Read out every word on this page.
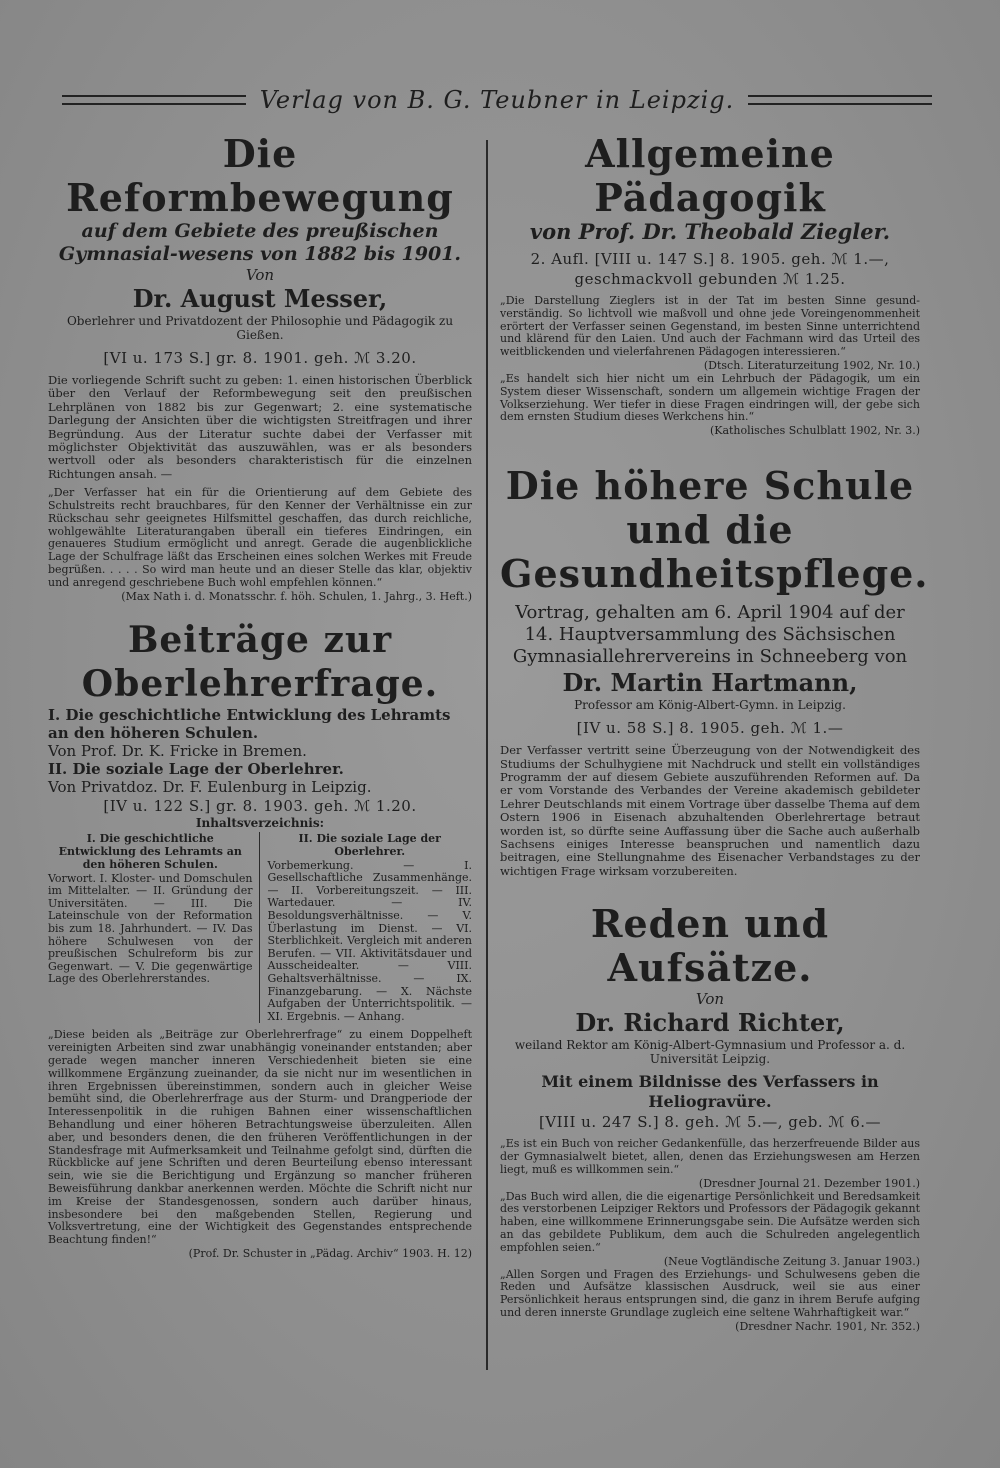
Verlag von B. G. Teubner in Leipzig.

Die Reformbewegung

auf dem Gebiete des preußischen Gymnasial-wesens von 1882 bis 1901.

Von

Dr. August Messer,

Oberlehrer und Privatdozent der Philosophie und Pädagogik zu Gießen.

[VI u. 173 S.] gr. 8. 1901. geh. ℳ 3.20.

Die vorliegende Schrift sucht zu geben: 1. einen historischen Überblick über den Verlauf der Reformbewegung seit den preußischen Lehrplänen von 1882 bis zur Gegenwart; 2. eine systematische Darlegung der Ansichten über die wichtigsten Streitfragen und ihrer Begründung. Aus der Literatur suchte dabei der Verfasser mit möglichster Objektivität das auszuwählen, was er als besonders wertvoll oder als besonders charakteristisch für die einzelnen Richtungen ansah. —

„Der Verfasser hat ein für die Orientierung auf dem Gebiete des Schulstreits recht brauchbares, für den Kenner der Verhältnisse ein zur Rückschau sehr geeignetes Hilfsmittel geschaffen, das durch reichliche, wohlgewählte Literaturangaben überall ein tieferes Eindringen, ein genaueres Studium ermöglicht und anregt. Gerade die augenblickliche Lage der Schulfrage läßt das Erscheinen eines solchen Werkes mit Freude begrüßen. . . . . So wird man heute und an dieser Stelle das klar, objektiv und anregend geschriebene Buch wohl empfehlen können.“

(Max Nath i. d. Monatsschr. f. höh. Schulen, 1. Jahrg., 3. Heft.)

Beiträge zur Oberlehrerfrage.

I. Die geschichtliche Entwicklung des Lehramts an den höheren Schulen.

Von Prof. Dr. K. Fricke in Bremen.

II. Die soziale Lage der Oberlehrer.

Von Privatdoz. Dr. F. Eulenburg in Leipzig.

[IV u. 122 S.] gr. 8. 1903. geh. ℳ 1.20.

Inhaltsverzeichnis:

I. Die geschichtliche Entwicklung des Lehramts an den höheren Schulen.

Vorwort. I. Kloster- und Domschulen im Mittelalter. — II. Gründung der Universitäten. — III. Die Lateinschule von der Reformation bis zum 18. Jahrhundert. — IV. Das höhere Schulwesen von der preußischen Schulreform bis zur Gegenwart. — V. Die gegenwärtige Lage des Oberlehrerstandes.

II. Die soziale Lage der Oberlehrer.

Vorbemerkung. — I. Gesellschaftliche Zusammenhänge. — II. Vorbereitungszeit. — III. Wartedauer. — IV. Besoldungsverhältnisse. — V. Überlastung im Dienst. — VI. Sterblichkeit. Vergleich mit anderen Berufen. — VII. Aktivitätsdauer und Ausscheidealter. — VIII. Gehaltsverhältnisse. — IX. Finanzgebarung. — X. Nächste Aufgaben der Unterrichtspolitik. — XI. Ergebnis. — Anhang.

„Diese beiden als „Beiträge zur Oberlehrerfrage“ zu einem Doppelheft vereinigten Arbeiten sind zwar unabhängig voneinander entstanden; aber gerade wegen mancher inneren Verschiedenheit bieten sie eine willkommene Ergänzung zueinander, da sie nicht nur im wesentlichen in ihren Ergebnissen übereinstimmen, sondern auch in gleicher Weise bemüht sind, die Oberlehrerfrage aus der Sturm- und Drangperiode der Interessenpolitik in die ruhigen Bahnen einer wissenschaftlichen Behandlung und einer höheren Betrachtungsweise überzuleiten. Allen aber, und besonders denen, die den früheren Veröffentlichungen in der Standesfrage mit Aufmerksamkeit und Teilnahme gefolgt sind, dürften die Rückblicke auf jene Schriften und deren Beurteilung ebenso interessant sein, wie sie die Berichtigung und Ergänzung so mancher früheren Beweisführung dankbar anerkennen werden. Möchte die Schrift nicht nur im Kreise der Standesgenossen, sondern auch darüber hinaus, insbesondere bei den maßgebenden Stellen, Regierung und Volksvertretung, eine der Wichtigkeit des Gegenstandes entsprechende Beachtung finden!“

(Prof. Dr. Schuster in „Pädag. Archiv“ 1903. H. 12)

Allgemeine Pädagogik

von Prof. Dr. Theobald Ziegler.

2. Aufl. [VIII u. 147 S.] 8. 1905. geh. ℳ 1.—, geschmackvoll gebunden ℳ 1.25.

„Die Darstellung Zieglers ist in der Tat im besten Sinne gesund-verständig. So lichtvoll wie maßvoll und ohne jede Voreingenommenheit erörtert der Verfasser seinen Gegenstand, im besten Sinne unterrichtend und klärend für den Laien. Und auch der Fachmann wird das Urteil des weitblickenden und vielerfahrenen Pädagogen interessieren.“

(Dtsch. Literaturzeitung 1902, Nr. 10.)

„Es handelt sich hier nicht um ein Lehrbuch der Pädagogik, um ein System dieser Wissenschaft, sondern um allgemein wichtige Fragen der Volkserziehung. Wer tiefer in diese Fragen eindringen will, der gebe sich dem ernsten Studium dieses Werkchens hin.“

(Katholisches Schulblatt 1902, Nr. 3.)

Die höhere Schule

und die Gesundheitspflege.

Vortrag, gehalten am 6. April 1904 auf der 14. Hauptversammlung des Sächsischen Gymnasiallehrervereins in Schneeberg von

Dr. Martin Hartmann,

Professor am König-Albert-Gymn. in Leipzig.

[IV u. 58 S.] 8. 1905. geh. ℳ 1.—

Der Verfasser vertritt seine Überzeugung von der Notwendigkeit des Studiums der Schulhygiene mit Nachdruck und stellt ein vollständiges Programm der auf diesem Gebiete auszuführenden Reformen auf. Da er vom Vorstande des Verbandes der Vereine akademisch gebildeter Lehrer Deutschlands mit einem Vortrage über dasselbe Thema auf dem Ostern 1906 in Eisenach abzuhaltenden Oberlehrertage betraut worden ist, so dürfte seine Auffassung über die Sache auch außerhalb Sachsens einiges Interesse beanspruchen und namentlich dazu beitragen, eine Stellungnahme des Eisenacher Verbandstages zu der wichtigen Frage wirksam vorzubereiten.

Reden und Aufsätze.

Von

Dr. Richard Richter,

weiland Rektor am König-Albert-Gymnasium und Professor a. d. Universität Leipzig.

Mit einem Bildnisse des Verfassers in Heliogravüre.

[VIII u. 247 S.] 8. geh. ℳ 5.—, geb. ℳ 6.—

„Es ist ein Buch von reicher Gedankenfülle, das herzerfreuende Bilder aus der Gymnasialwelt bietet, allen, denen das Erziehungswesen am Herzen liegt, muß es willkommen sein.“

(Dresdner Journal 21. Dezember 1901.)

„Das Buch wird allen, die die eigenartige Persönlichkeit und Beredsamkeit des verstorbenen Leipziger Rektors und Professors der Pädagogik gekannt haben, eine willkommene Erinnerungsgabe sein. Die Aufsätze werden sich an das gebildete Publikum, dem auch die Schulreden angelegentlich empfohlen seien.“

(Neue Vogtländische Zeitung 3. Januar 1903.)

„Allen Sorgen und Fragen des Erziehungs- und Schulwesens geben die Reden und Aufsätze klassischen Ausdruck, weil sie aus einer Persönlichkeit heraus entsprungen sind, die ganz in ihrem Berufe aufging und deren innerste Grundlage zugleich eine seltene Wahrhaftigkeit war.“

(Dresdner Nachr. 1901, Nr. 352.)
